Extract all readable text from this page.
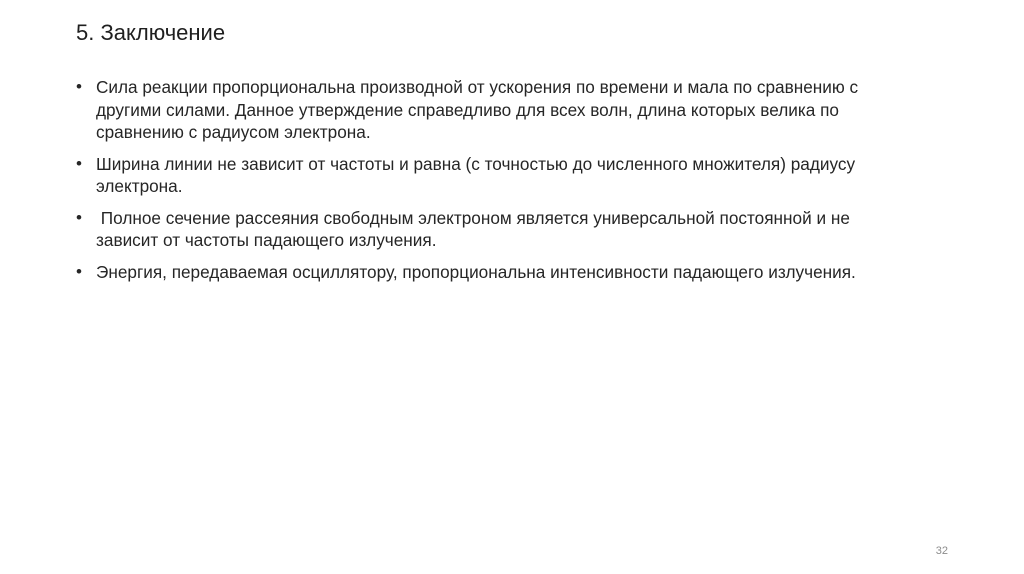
5. Заключение
• Сила реакции пропорциональна производной от ускорения по времени и мала по сравнению с другими силами. Данное утверждение справедливо для всех волн, длина которых велика по сравнению с радиусом электрона.
• Ширина линии не зависит от частоты и равна (с точностью до численного множителя) радиусу электрона.
• Полное сечение рассеяния свободным электроном является универсальной постоянной и не зависит от частоты падающего излучения.
• Энергия, передаваемая осциллятору, пропорциональна интенсивности падающего излучения.
32
